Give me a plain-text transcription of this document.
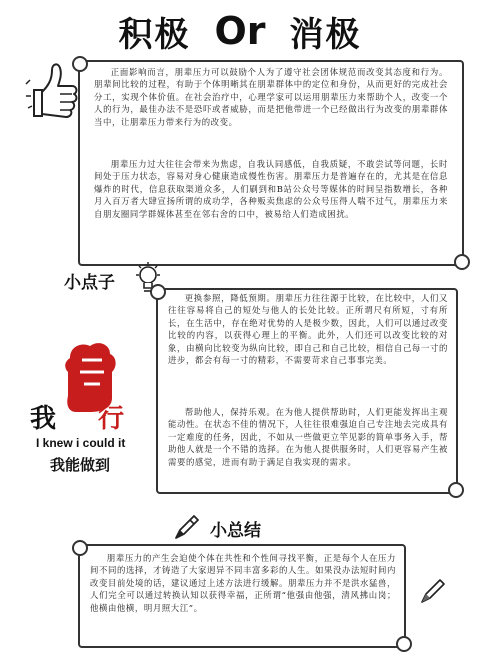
积极 Or 消极
正面影响而言，朋辈压力可以鼓励个人为了遵守社会团体规范而改变其态度和行为。朋辈间比较的过程，有助于个体明晰其在朋辈群体中的定位和身份，从而更好的完成社会分工，实现个体价值。在社会治疗中，心理学家可以运用朋辈压力来帮助个人，改变一个人的行为，最佳办法不是恐吓或者威胁，而是把他带进一个已经做出行为改变的朋辈群体当中，让朋辈压力带来行为的改变。
朋辈压力过大往往会带来为焦虑，自我认同感低，自我质疑，不敢尝试等问题，长时间处于压力状态，容易对身心健康造成慢性伤害。朋辈压力是普遍存在的，尤其是在信息爆炸的时代，信息获取渠道众多，人们刷到和B站公众号等媒体的时间呈指数增长，各种月入百万者大肆宣扬所谓的成功学，各种贩卖焦虑的公众号压得人喘不过气，朋辈压力来自朋友圈同学群媒体甚至在邻右舍的口中，被易给人们造成困扰。
小点子
更换参照，降低预期。朋辈压力往往源于比较，在比较中，人们又往往容易将自己的短处与他人的长处比较。正所谓尺有所短，寸有所长，在生活中，存在绝对优势的人是极少数，因此，人们可以通过改变比较的内容，以获得心理上的平衡。此外，人们还可以改变比较的对象，由横向比较变为纵向比较，即自己和自己比较，相信自己每一寸的进步，都会有每一寸的精彩，不需要苛求自己事事完美。
帮助他人，保持乐观。在为他人提供帮助时，人们更能发挥出主观能动性。在状态不佳的情况下，人往往很难强迫自己专注地去完成具有一定难度的任务，因此，不如从一些做更立竿见影的简单事务入手，帮助他人就是一个不错的选择。在为他人提供服务时，人们更容易产生被需要的感觉，进而有助于满足自我实现的需求。
我 行
I knew i could it
我能做到
小总结
朋辈压力的产生会迫使个体在共性和个性间寻找平衡，正是每个人在压力间不同的选择，才铸造了大家迥异不同丰富多彩的人生。如果没办法短时间内改变目前处境的话，建议通过上述方法进行缓解。朋辈压力并不是洪水猛兽，人们完全可以通过转换认知以获得幸福，正所谓“他强由他强，清风拂山岗；他横由他横，明月照大江”。
